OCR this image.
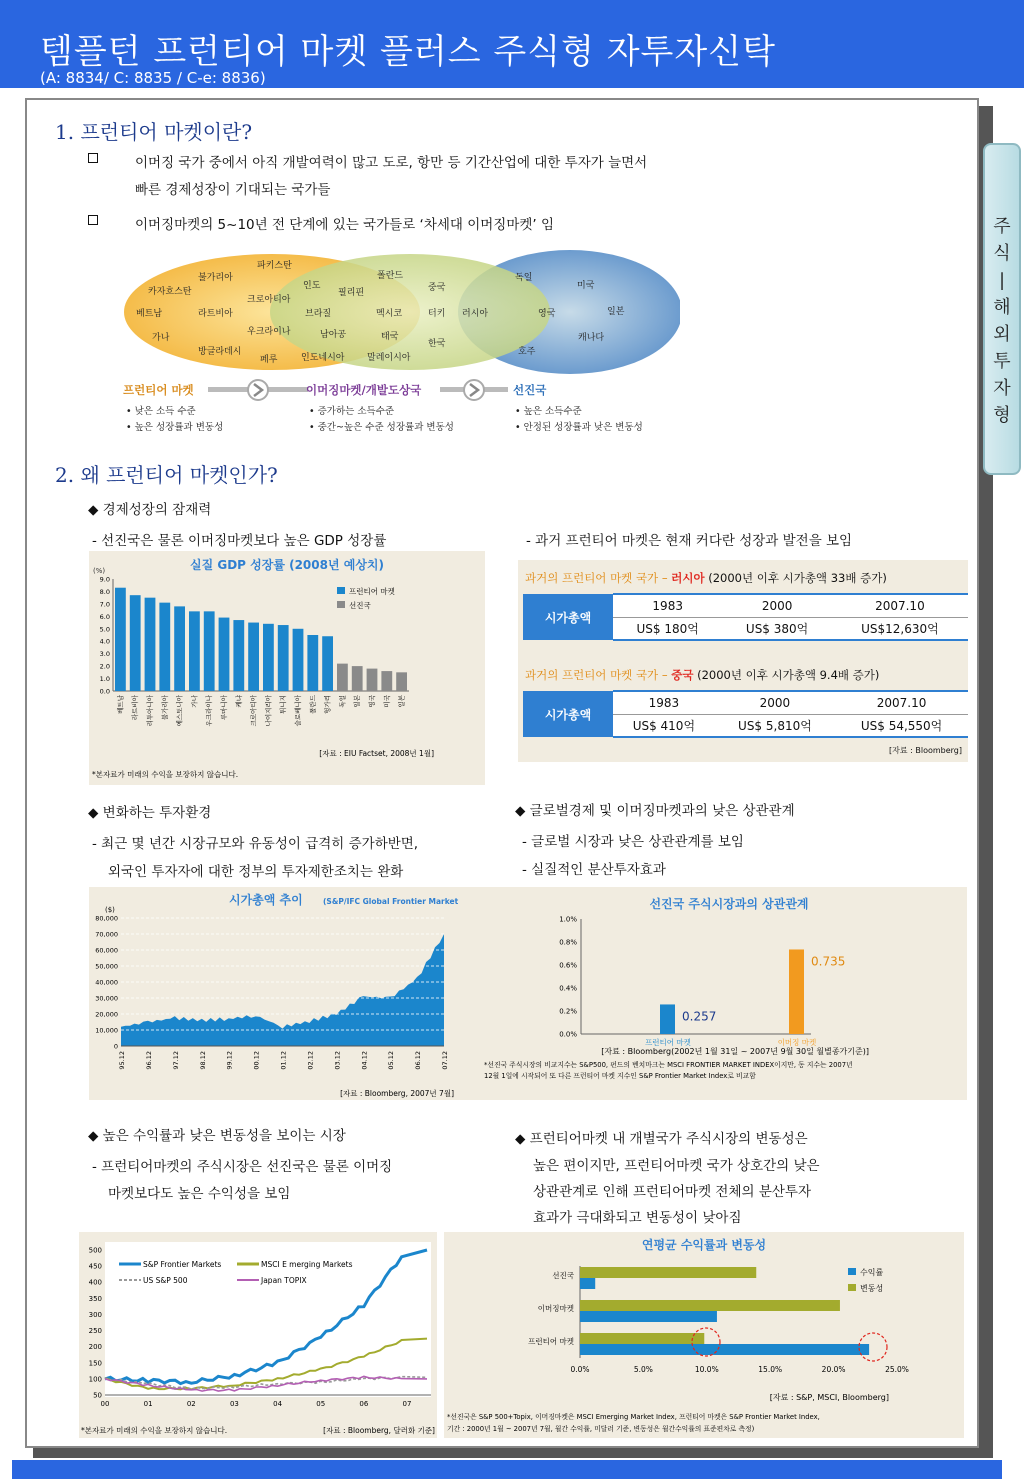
템플턴 프런티어 마켓 플러스 주식형 자투자신탁
(A: 8834/ C: 8835 / C-e: 8836)
주
식
|
해
외
투
자
형
1. 프런티어 마켓이란?
이머징 국가 중에서 아직 개발여력이 많고 도로, 항만 등 기간산업에 대한 투자가 늘면서
빠른 경제성장이 기대되는 국가들
이머징마켓의 5~10년 전 단계에 있는 국가들로 ‘차세대 이머징마켓’ 임
카자흐스탄
불가리아
파키스탄
베트남	라트비아
크로아티아
가나
우크라이나
방글라데시
페루
인도
필리핀
폴란드
중국
브라질	멕시코	터키 러시아
남아공	태국
인도네시아	말레이시아
한국
독일
미국
영국	일본
캐나다
호주
프런티어 마켓	이머징마켓/개발도상국	선진국
• 낮은 소득 수준
• 높은 성장률과 변동성
• 증가하는 소득수준
• 중간~높은 수준 성장률과 변동성
• 높은 소득수준
• 안정된 성장률과 낮은 변동성
2. 왜 프런티어 마켓인가?
◆ 경제성장의 잠재력
- 선진국은 물론 이머징마켓보다 높은 GDP 성장률	- 과거 프런티어 마켓은 현재 커다란 성장과 발전을 보임
실질 GDP 성장률 (2008년 예상치)
(%)
0.0
1.0
2.0
3.0
4.0
5.0
6.0
7.0
8.0
9.0
베트남 라트비아 리투아니아 불가리아 에스토니아 가나 우크라이나 루마니아 케냐 크로아티아 나이지리아 튀니지 슬로베니아 폴란드 헝가리 독일 일본 영국 미국 일본
프런티어 마켓
선진국
[자료 : EIU Factset, 2008년 1월]
*본자료가 미래의 수익을 보장하지 않습니다.
과거의 프런티어 마켓 국가 – 러시아 (2000년 이후 시가총액 33배 증가)
시가총액	1983	2000	2007.10
	US$ 180억	US$ 380억	US$12,630억
과거의 프런티어 마켓 국가 – 중국 (2000년 이후 시가총액 9.4배 증가)
시가총액	1983	2000	2007.10
	US$ 410억	US$ 5,810억	US$ 54,550억
[자료 : Bloomberg]
◆ 변화하는 투자환경
- 최근 몇 년간 시장규모와 유동성이 급격히 증가하반면,
외국인 투자자에 대한 정부의 투자제한조치는 완화
◆ 글로벌경제 및 이머징마켓과의 낮은 상관관계
- 글로벌 시장과 낮은 상관관계를 보임
- 실질적인 분산투자효과
시가총액 추이	(S&P/IFC Global Frontier Market
($)
0
10,000
20,000
30,000
40,000
50,000
60,000
70,000
80,000
95.12	96.12	97.12	98.12	99.12	00.12	01.12	02.12	03.12	04.12	05.12	06.12	07.12
[자료 : Bloomberg, 2007년 7월]
선진국 주식시장과의 상관관계
0.0%
0.2%
0.4%
0.6%
0.8%
1.0%
0.257
프런티어 마켓
0.735
이머징 마켓
[자료 : Bloomberg(2002년 1월 31일 ~ 2007년 9월 30일 월별종가기준)]
*선진국 주식시장의 비교지수는 S&P500, 펀드의 벤치마크는 MSCI FRONTIER MARKET INDEX이지만, 동 지수는 2007년
12월 1일에 시작되어 또 다른 프런티어 마켓 지수인 S&P Frontier Market Index로 비교함
◆ 높은 수익률과 낮은 변동성을 보이는 시장
- 프런티어마켓의 주식시장은 선진국은 물론 이머징
마켓보다도 높은 수익성을 보임
◆ 프런티어마켓 내 개별국가 주식시장의 변동성은
높은 편이지만, 프런티어마켓 국가 상호간의 낮은
상관관계로 인해 프런티어마켓 전체의 분산투자
효과가 극대화되고 변동성이 낮아짐
50
100
150
200
250
300
350
400
450
500
00	01	02	03	04	05	06	07
S&P Frontier Markets	MSCI E merging Markets
US S&P 500	Japan TOPIX
*본자료가 미래의 수익을 보장하지 않습니다.	[자료 : Bloomberg, 달러화 기준]
연평균 수익률과 변동성
0.0%	5.0%	10.0%	15.0%	20.0%	25.0%
선진국
이머징마켓
프런티어 마켓
수익률
변동성
[자료 : S&P, MSCI, Bloomberg]
*선진국은 S&P 500+Topix, 이머징마켓은 MSCI Emerging Market Index, 프런티어 마켓은 S&P Frontier Market Index,
기간 : 2000년 1월 ~ 2007년 7월, 월간 수익률, 미달러 기준, 변동성은 월간수익률의 표준편차로 측정)
